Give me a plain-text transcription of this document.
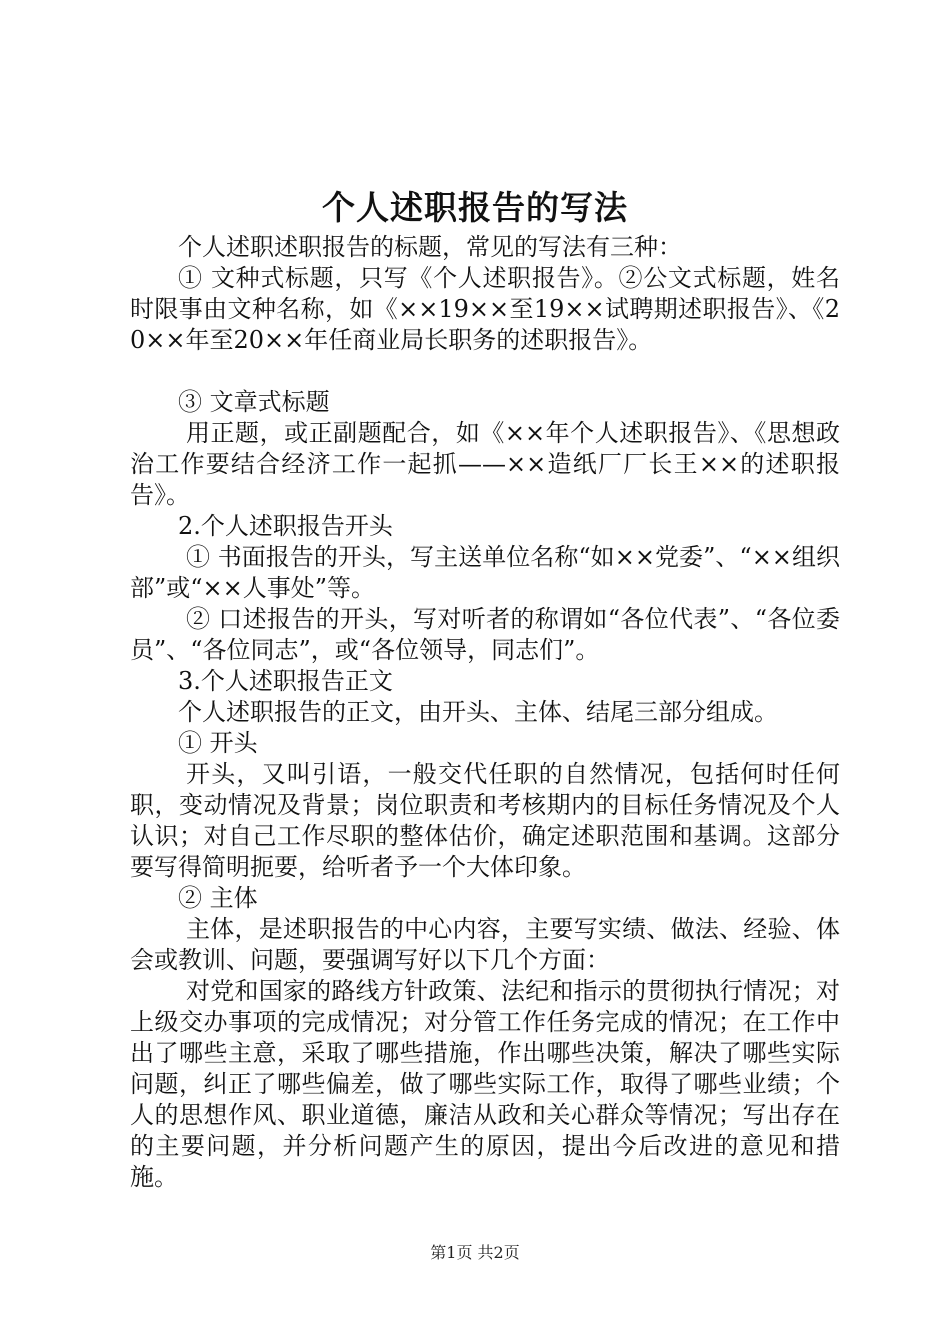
个人述职报告的写法

个人述职述职报告的标题，常见的写法有三种：

① 文种式标题，只写《个人述职报告》。②公文式标题，姓名时限事由文种名称，如《××19××至19××试聘期述职报告》、《20××年至20××年任商业局长职务的述职报告》。

③ 文章式标题

用正题，或正副题配合，如《××年个人述职报告》、《思想政治工作要结合经济工作一起抓——××造纸厂厂长王××的述职报告》。

2.个人述职报告开头

① 书面报告的开头，写主送单位名称“如××党委”、“××组织部”或“××人事处”等。

② 口述报告的开头，写对听者的称谓如“各位代表”、“各位委员”、“各位同志”，或“各位领导，同志们”。

3.个人述职报告正文

个人述职报告的正文，由开头、主体、结尾三部分组成。

① 开头

开头，又叫引语，一般交代任职的自然情况，包括何时任何职，变动情况及背景；岗位职责和考核期内的目标任务情况及个人认识；对自己工作尽职的整体估价，确定述职范围和基调。这部分要写得简明扼要，给听者予一个大体印象。

② 主体

主体，是述职报告的中心内容，主要写实绩、做法、经验、体会或教训、问题，要强调写好以下几个方面：

对党和国家的路线方针政策、法纪和指示的贯彻执行情况；对上级交办事项的完成情况；对分管工作任务完成的情况；在工作中出了哪些主意，采取了哪些措施，作出哪些决策，解决了哪些实际问题，纠正了哪些偏差，做了哪些实际工作，取得了哪些业绩；个人的思想作风、职业道德，廉洁从政和关心群众等情况；写出存在的主要问题，并分析问题产生的原因，提出今后改进的意见和措施。

第1页 共2页
